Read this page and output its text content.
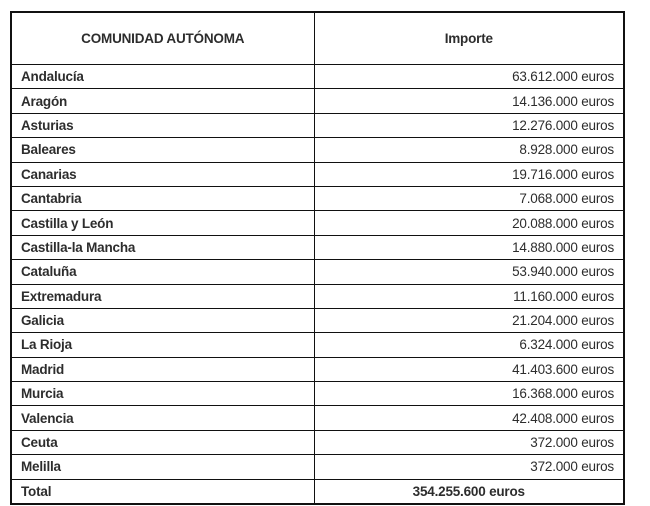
COMUNIDAD AUTÓNOMA	Importe
Andalucía	63.612.000 euros
Aragón	14.136.000 euros
Asturias	12.276.000 euros
Baleares	8.928.000 euros
Canarias	19.716.000 euros
Cantabria	7.068.000 euros
Castilla y León	20.088.000 euros
Castilla-la Mancha	14.880.000 euros
Cataluña	53.940.000 euros
Extremadura	11.160.000 euros
Galicia	21.204.000 euros
La Rioja	6.324.000 euros
Madrid	41.403.600 euros
Murcia	16.368.000 euros
Valencia	42.408.000 euros
Ceuta	372.000 euros
Melilla	372.000 euros
Total	354.255.600 euros
